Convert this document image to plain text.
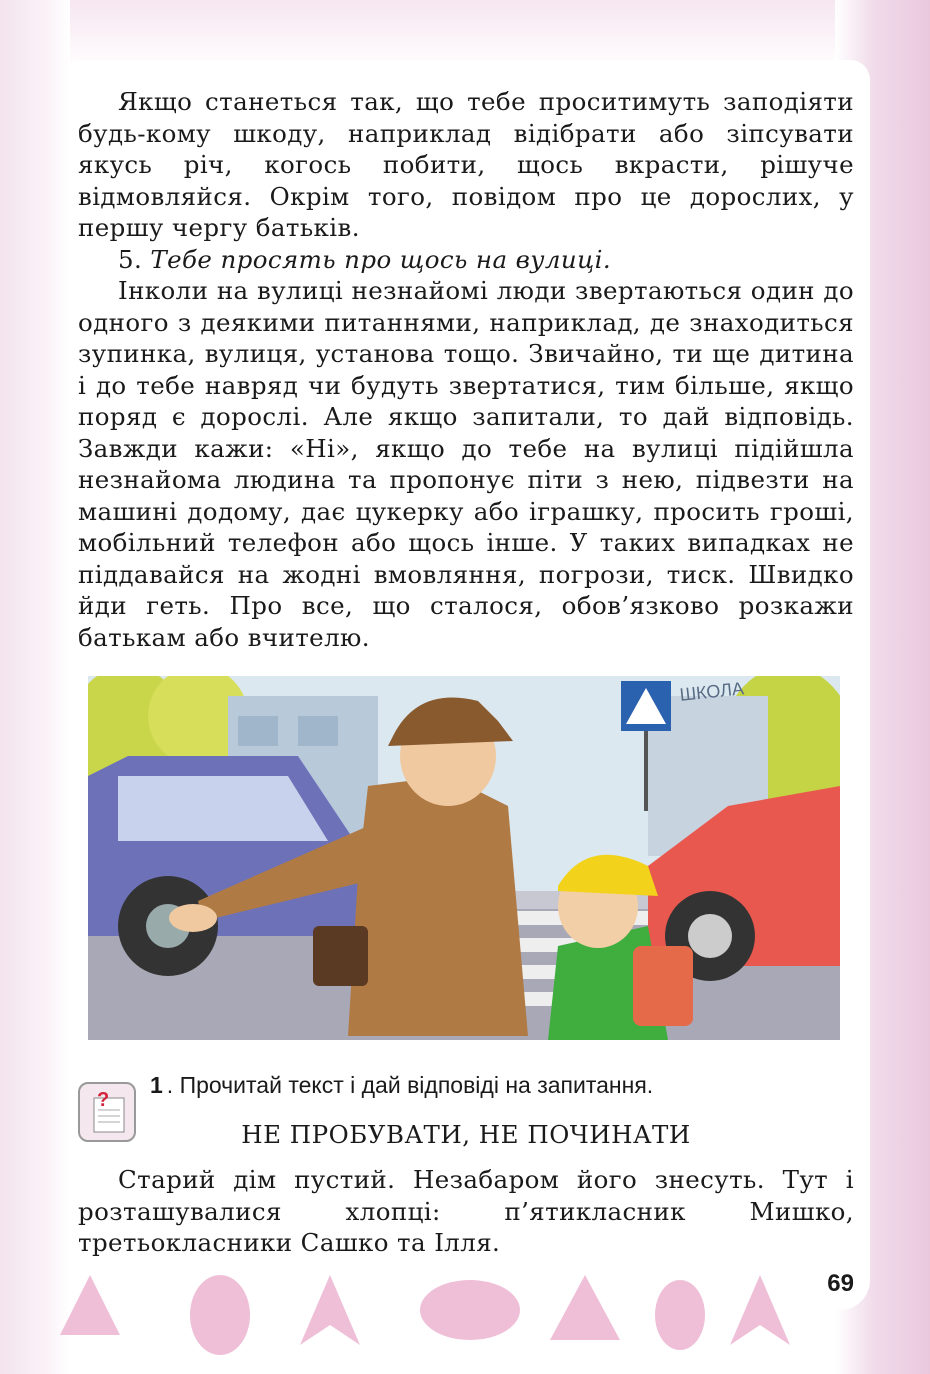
Якщо станеться так, що тебе проситимуть заподіяти будь-кому шкоду, наприклад відібрати або зіпсувати якусь річ, когось побити, щось вкрасти, рішуче відмовляйся. Окрім того, повідом про це дорослих, у першу чергу батьків.

5. Тебе просять про щось на вулиці.

Інколи на вулиці незнайомі люди звертаються один до одного з деякими питаннями, наприклад, де знаходиться зупинка, вулиця, установа тощо. Звичайно, ти ще дитина і до тебе навряд чи будуть звертатися, тим більше, якщо поряд є дорослі. Але якщо запитали, то дай відповідь. Завжди кажи: «Ні», якщо до тебе на вулиці підійшла незнайома людина та пропонує піти з нею, підвезти на машині додому, дає цукерку або іграшку, просить гроші, мобільний телефон або щось інше. У таких випадках не піддавайся на жодні вмовляння, погрози, тиск. Швидко йди геть. Про все, що сталося, обов’язково розкажи батькам або вчителю.

ШКОЛА
?
1 . Прочитай текст і дай відповіді на запитання.
НЕ ПРОБУВАТИ, НЕ ПОЧИНАТИ

Старий дім пустий. Незабаром його знесуть. Тут і розташувалися хлопці: п’ятикласник Мишко, третьокласники Сашко та Ілля.

69
